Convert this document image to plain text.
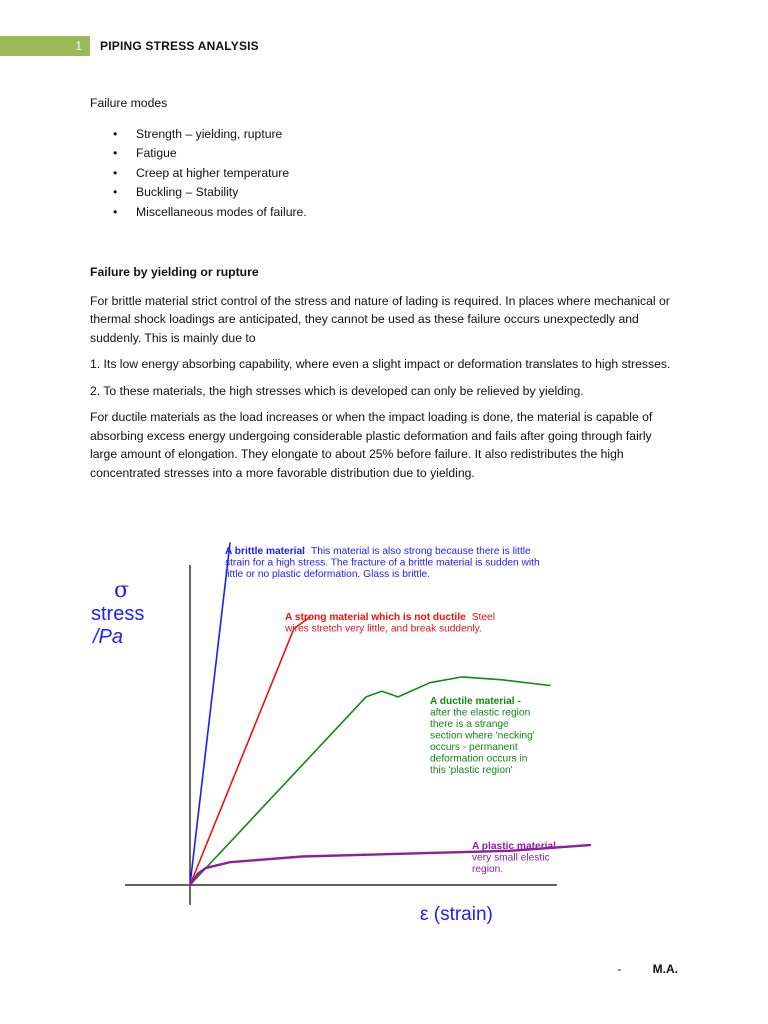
1	PIPING STRESS ANALYSIS

Failure modes

• Strength – yielding, rupture
• Fatigue
• Creep at higher temperature
• Buckling – Stability
• Miscellaneous modes of failure.

Failure by yielding or rupture

For brittle material strict control of the stress and nature of lading is required. In places where mechanical or thermal shock loadings are anticipated, they cannot be used as these failure occurs unexpectedly and suddenly. This is mainly due to

1. Its low energy absorbing capability, where even a slight impact or deformation translates to high stresses.

2. To these materials, the high stresses which is developed can only be relieved by yielding.

For ductile materials as the load increases or when the impact loading is done, the material is capable of absorbing excess energy undergoing considerable plastic deformation and fails after going through fairly large amount of elongation. They elongate to about 25% before failure. It also redistributes the high concentrated stresses into a more favorable distribution due to yielding.

σ
stress
/Pa
ε (strain)
A brittle material This material is also strong because there is little strain for a high stress. The fracture of a brittle material is sudden with little or no plastic deformation. Glass is brittle.
A strong material which is not ductile Steel wires stretch very little, and break suddenly.
A ductile material -after the elastic region there is a strange section where 'necking' occurs - permanent deformation occurs in this 'plastic region'
A plastic material -very small elestic region.
-	M.A.
